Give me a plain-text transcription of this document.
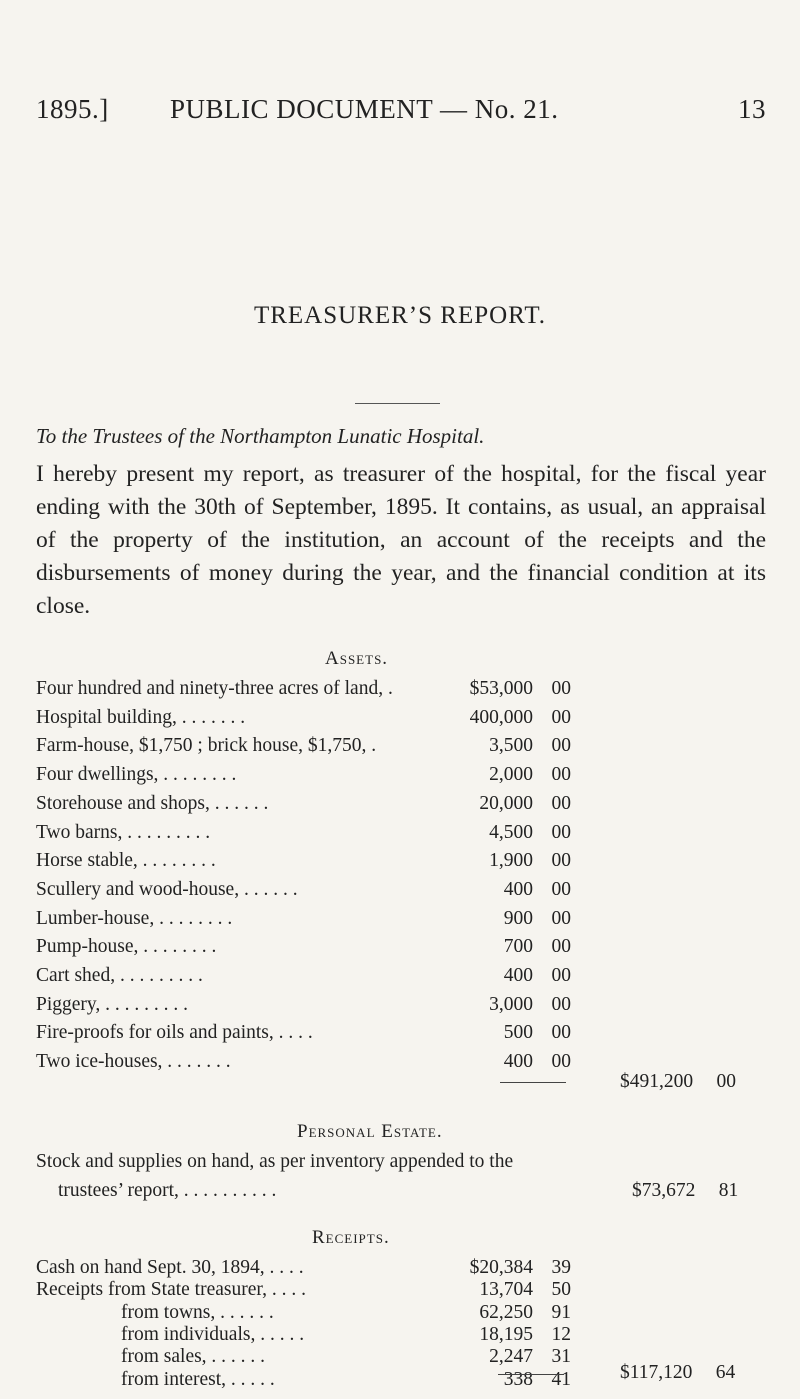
1895.] PUBLIC DOCUMENT — No. 21.	13
TREASURER’S REPORT.
To the Trustees of the Northampton Lunatic Hospital.
I hereby present my report, as treasurer of the hospital, for the fiscal year ending with the 30th of September, 1895. It contains, as usual, an appraisal of the property of the institution, an account of the receipts and the disbursements of money during the year, and the financial condition at its close.
Assets.
Four hundred and ninety-three acres of land, .	$53,000 00
Hospital building, . . . . . . .	400,000 00
Farm-house, $1,750 ; brick house, $1,750, .	3,500 00
Four dwellings, . . . . . . . .	2,000 00
Storehouse and shops, . . . . . .	20,000 00
Two barns, . . . . . . . . .	4,500 00
Horse stable, . . . . . . . .	1,900 00
Scullery and wood-house, . . . . . .	400 00
Lumber-house, . . . . . . . .	900 00
Pump-house, . . . . . . . .	700 00
Cart shed, . . . . . . . . .	400 00
Piggery, . . . . . . . . .	3,000 00
Fire-proofs for oils and paints, . . . .	500 00
Two ice-houses, . . . . . . .	400 00
$491,200 00
Personal Estate.
Stock and supplies on hand, as per inventory appended to the
trustees’ report, . . . . . . . . . .	$73,672 81
Receipts.
Cash on hand Sept. 30, 1894, . . . .	$20,384 39
Receipts from State treasurer, . . . .	13,704 50
from towns, . . . . . .	62,250 91
from individuals, . . . . .	18,195 12
from sales, . . . . . .	2,247 31
from interest, . . . . .	338 41	$117,120 64
